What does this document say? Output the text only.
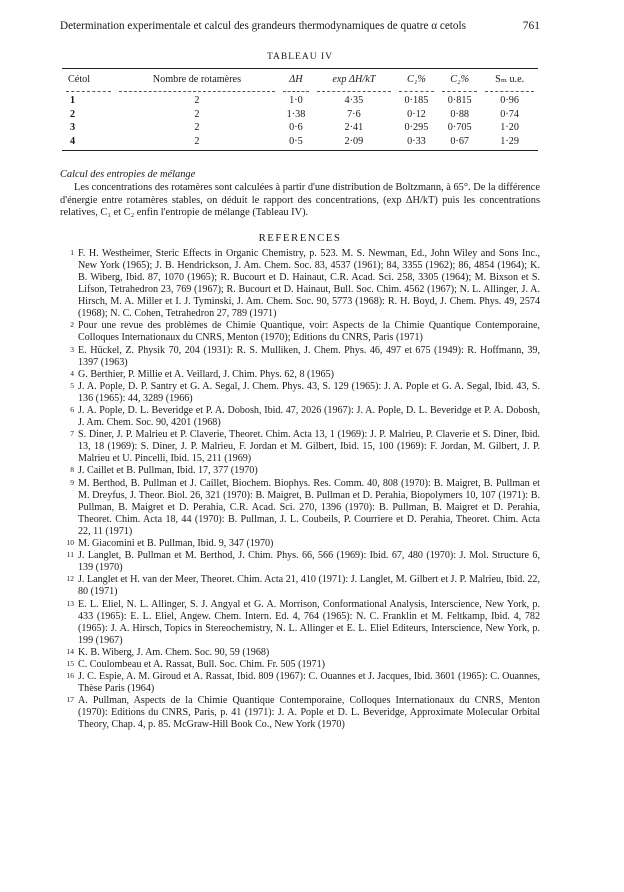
Determination experimentale et calcul des grandeurs thermodynamiques de quatre α cetols	761
TABLEAU IV
Cétol	Nombre de rotamères	ΔH	exp ΔH/kT	C₁%	C₂%	Sₘ u.e.

1	2	1·0	4·35	0·185	0·815	0·96
2	2	1·38	7·6	0·12	0·88	0·74
3	2	0·6	2·41	0·295	0·705	1·20
4	2	0·5	2·09	0·33	0·67	1·29
Calcul des entropies de mélange

Les concentrations des rotamères sont calculées à partir d'une distribution de Boltzmann, à 65°. De la différence d'énergie entre rotamères stables, on déduit le rapport des concentrations, (exp ΔH/kT) puis les concentrations relatives, C₁ et C₂ enfin l'entropie de mélange (Tableau IV).

REFERENCES
1 F. H. Westheimer, Steric Effects in Organic Chemistry, p. 523. M. S. Newman, Ed., John Wiley and Sons Inc., New York (1965); J. B. Hendrickson, J. Am. Chem. Soc. 83, 4537 (1961); 84, 3355 (1962); 86, 4854 (1964); K. B. Wiberg, Ibid. 87, 1070 (1965); R. Bucourt et D. Hainaut, C.R. Acad. Sci. 258, 3305 (1964); M. Bixson et S. Lifson, Tetrahedron 23, 769 (1967); R. Bucourt et D. Hainaut, Bull. Soc. Chim. 4562 (1967); N. L. Allinger, J. A. Hirsch, M. A. Miller et I. J. Tyminski, J. Am. Chem. Soc. 90, 5773 (1968): R. H. Boyd, J. Chem. Phys. 49, 2574 (1968); N. C. Cohen, Tetrahedron 27, 789 (1971)
2 Pour une revue des problèmes de Chimie Quantique, voir: Aspects de la Chimie Quantique Contemporaine, Colloques Internationaux du CNRS, Menton (1970); Editions du CNRS, Paris (1971)
3 E. Hückel, Z. Physik 70, 204 (1931): R. S. Mulliken, J. Chem. Phys. 46, 497 et 675 (1949): R. Hoffmann, 39, 1397 (1963)
4 G. Berthier, P. Millie et A. Veillard, J. Chim. Phys. 62, 8 (1965)
5 J. A. Pople, D. P. Santry et G. A. Segal, J. Chem. Phys. 43, S. 129 (1965): J. A. Pople et G. A. Segal, Ibid. 43, S. 136 (1965): 44, 3289 (1966)
6 J. A. Pople, D. L. Beveridge et P. A. Dobosh, Ibid. 47, 2026 (1967): J. A. Pople, D. L. Beveridge et P. A. Dobosh, J. Am. Chem. Soc. 90, 4201 (1968)
7 S. Diner, J. P. Malrieu et P. Claverie, Theoret. Chim. Acta 13, 1 (1969): J. P. Malrieu, P. Claverie et S. Diner, Ibid. 13, 18 (1969): S. Diner, J. P. Malrieu, F. Jordan et M. Gilbert, Ibid. 15, 100 (1969): F. Jordan, M. Gilbert, J. P. Malrieu et U. Pincelli, Ibid. 15, 211 (1969)
8 J. Caillet et B. Pullman, Ibid. 17, 377 (1970)
9 M. Berthod, B. Pullman et J. Caillet, Biochem. Biophys. Res. Comm. 40, 808 (1970): B. Maigret, B. Pullman et M. Dreyfus, J. Theor. Biol. 26, 321 (1970): B. Maigret, B. Pullman et D. Perahia, Biopolymers 10, 107 (1971): B. Pullman, B. Maigret et D. Perahia, C.R. Acad. Sci. 270, 1396 (1970): B. Pullman, B. Maigret et D. Perahia, Theoret. Chim. Acta 18, 44 (1970): B. Pullman, J. L. Coubeils, P. Courriere et D. Perahia, Theoret. Chim. Acta 22, 11 (1971)
10 M. Giacomini et B. Pullman, Ibid. 9, 347 (1970)
11 J. Langlet, B. Pullman et M. Berthod, J. Chim. Phys. 66, 566 (1969): Ibid. 67, 480 (1970): J. Mol. Structure 6, 139 (1970)
12 J. Langlet et H. van der Meer, Theoret. Chim. Acta 21, 410 (1971): J. Langlet, M. Gilbert et J. P. Malrieu, Ibid. 22, 80 (1971)
13 E. L. Eliel, N. L. Allinger, S. J. Angyal et G. A. Morrison, Conformational Analysis, Interscience, New York, p. 433 (1965): E. L. Eliel, Angew. Chem. Intern. Ed. 4, 764 (1965): N. C. Franklin et M. Feltkamp, Ibid. 4, 782 (1965): J. A. Hirsch, Topics in Stereochemistry, N. L. Allinger et E. L. Eliel Editeurs, Interscience, New York, p. 199 (1967)
14 K. B. Wiberg, J. Am. Chem. Soc. 90, 59 (1968)
15 C. Coulombeau et A. Rassat, Bull. Soc. Chim. Fr. 505 (1971)
16 J. C. Espie, A. M. Giroud et A. Rassat, Ibid. 809 (1967): C. Ouannes et J. Jacques, Ibid. 3601 (1965): C. Ouannes, Thèse Paris (1964)
17 A. Pullman, Aspects de la Chimie Quantique Contemporaine, Colloques Internationaux du CNRS, Menton (1970): Editions du CNRS, Paris, p. 41 (1971): J. A. Pople et D. L. Beveridge, Approximate Molecular Orbital Theory, Chap. 4, p. 85. McGraw-Hill Book Co., New York (1970)
